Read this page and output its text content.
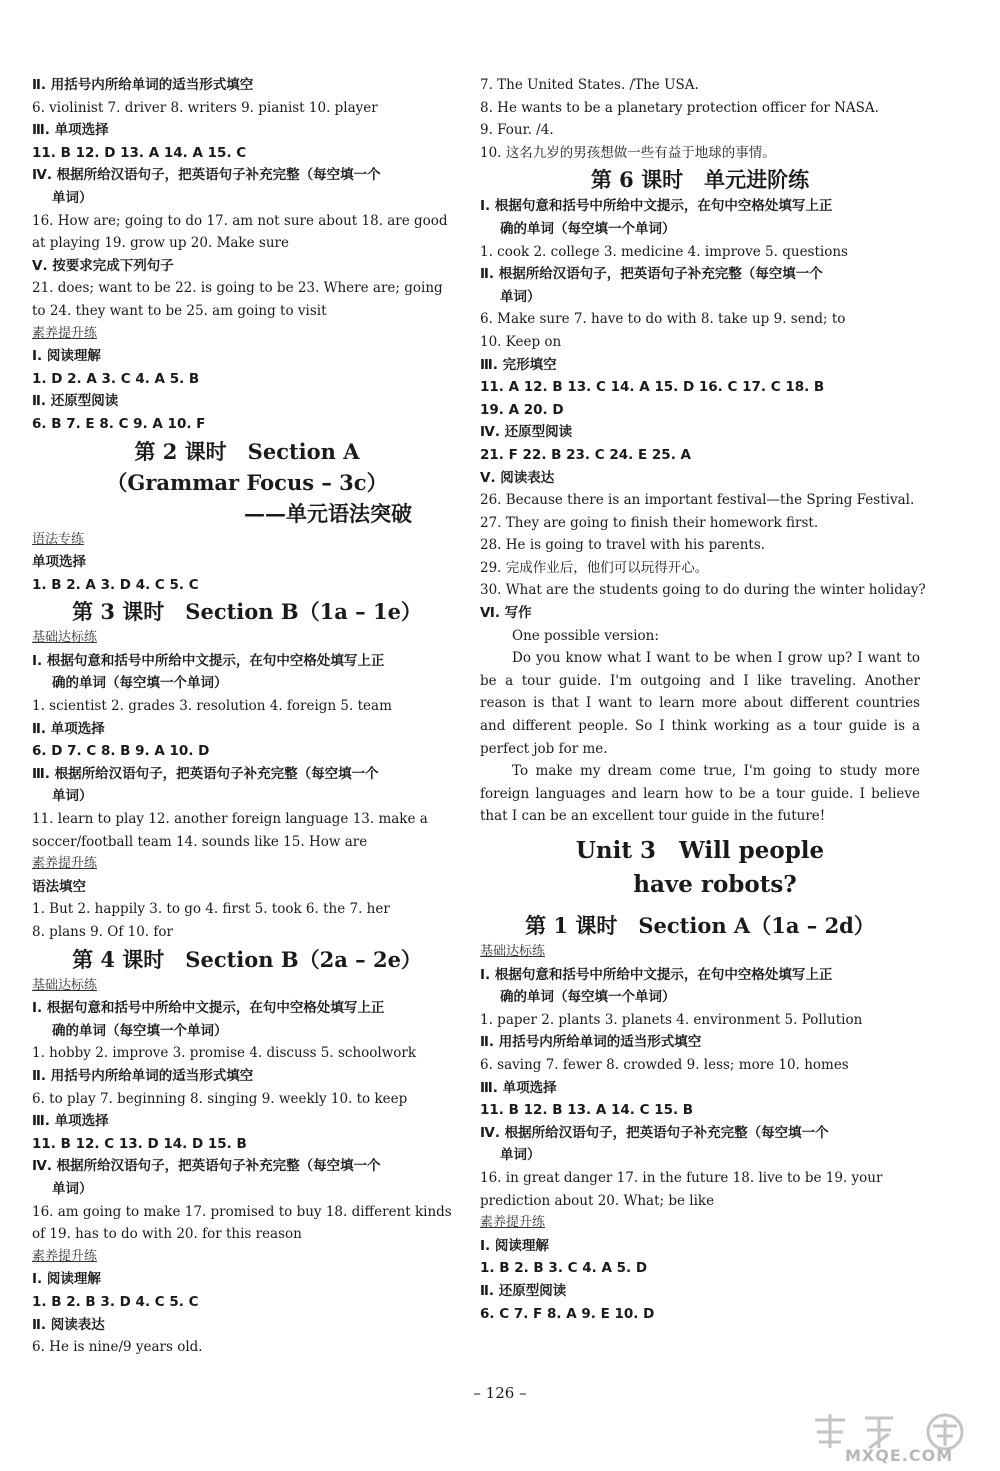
Ⅱ. 用括号内所给单词的适当形式填空
6. violinist 7. driver 8. writers 9. pianist 10. player
Ⅲ. 单项选择
11. B 12. D 13. A 14. A 15. C
Ⅳ. 根据所给汉语句子，把英语句子补充完整（每空填一个
单词）
16. How are; going to do 17. am not sure about 18. are good
at playing 19. grow up 20. Make sure
Ⅴ. 按要求完成下列句子
21. does; want to be 22. is going to be 23. Where are; going
to 24. they want to be 25. am going to visit
素养提升练
Ⅰ. 阅读理解
1. D 2. A 3. C 4. A 5. B
Ⅱ. 还原型阅读
6. B 7. E 8. C 9. A 10. F
第 2 课时　Section A
（Grammar Focus – 3c）
——单元语法突破
语法专练
单项选择
1. B 2. A 3. D 4. C 5. C
第 3 课时　Section B（1a – 1e）
基础达标练
Ⅰ. 根据句意和括号中所给中文提示，在句中空格处填写上正
确的单词（每空填一个单词）
1. scientist 2. grades 3. resolution 4. foreign 5. team
Ⅱ. 单项选择
6. D 7. C 8. B 9. A 10. D
Ⅲ. 根据所给汉语句子，把英语句子补充完整（每空填一个
单词）
11. learn to play 12. another foreign language 13. make a
soccer/football team 14. sounds like 15. How are
素养提升练
语法填空
1. But 2. happily 3. to go 4. first 5. took 6. the 7. her
8. plans 9. Of 10. for
第 4 课时　Section B（2a – 2e）
基础达标练
Ⅰ. 根据句意和括号中所给中文提示，在句中空格处填写上正
确的单词（每空填一个单词）
1. hobby 2. improve 3. promise 4. discuss 5. schoolwork
Ⅱ. 用括号内所给单词的适当形式填空
6. to play 7. beginning 8. singing 9. weekly 10. to keep
Ⅲ. 单项选择
11. B 12. C 13. D 14. D 15. B
Ⅳ. 根据所给汉语句子，把英语句子补充完整（每空填一个
单词）
16. am going to make 17. promised to buy 18. different kinds
of 19. has to do with 20. for this reason
素养提升练
Ⅰ. 阅读理解
1. B 2. B 3. D 4. C 5. C
Ⅱ. 阅读表达
6. He is nine/9 years old.
7. The United States. /The USA.
8. He wants to be a planetary protection officer for NASA.
9. Four. /4.
10. 这名九岁的男孩想做一些有益于地球的事情。
第 6 课时　单元进阶练
Ⅰ. 根据句意和括号中所给中文提示，在句中空格处填写上正
确的单词（每空填一个单词）
1. cook 2. college 3. medicine 4. improve 5. questions
Ⅱ. 根据所给汉语句子，把英语句子补充完整（每空填一个
单词）
6. Make sure 7. have to do with 8. take up 9. send; to
10. Keep on
Ⅲ. 完形填空
11. A 12. B 13. C 14. A 15. D 16. C 17. C 18. B
19. A 20. D
Ⅳ. 还原型阅读
21. F 22. B 23. C 24. E 25. A
Ⅴ. 阅读表达
26. Because there is an important festival—the Spring Festival.
27. They are going to finish their homework first.
28. He is going to travel with his parents.
29. 完成作业后，他们可以玩得开心。
30. What are the students going to do during the winter holiday?
Ⅵ. 写作
One possible version:
Do you know what I want to be when I grow up? I want to be a tour guide. I'm outgoing and I like traveling. Another reason is that I want to learn more about different countries and different people. So I think working as a tour guide is a perfect job for me.
To make my dream come true, I'm going to study more foreign languages and learn how to be a tour guide. I believe that I can be an excellent tour guide in the future!
Unit 3　Will people
have robots?
第 1 课时　Section A（1a – 2d）
基础达标练
Ⅰ. 根据句意和括号中所给中文提示，在句中空格处填写上正
确的单词（每空填一个单词）
1. paper 2. plants 3. planets 4. environment 5. Pollution
Ⅱ. 用括号内所给单词的适当形式填空
6. saving 7. fewer 8. crowded 9. less; more 10. homes
Ⅲ. 单项选择
11. B 12. B 13. A 14. C 15. B
Ⅳ. 根据所给汉语句子，把英语句子补充完整（每空填一个
单词）
16. in great danger 17. in the future 18. live to be 19. your
prediction about 20. What; be like
素养提升练
Ⅰ. 阅读理解
1. B 2. B 3. C 4. A 5. D
Ⅱ. 还原型阅读
6. C 7. F 8. A 9. E 10. D
– 126 –
MXQE.COM
